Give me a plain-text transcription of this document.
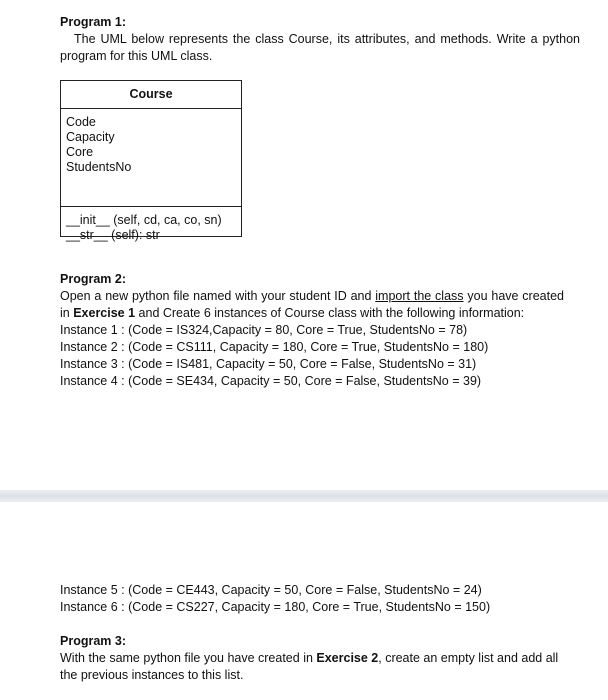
Program 1:
The UML below represents the class Course, its attributes, and methods. Write a python program for this UML class.
Course
Code
Capacity
Core
StudentsNo
__init__ (self, cd, ca, co, sn)
__str__ (self): str
Program 2:
Open a new python file named with your student ID and import the class you have created in Exercise 1 and Create 6 instances of Course class with the following information:
Instance 1 : (Code = IS324,Capacity = 80, Core = True, StudentsNo = 78)
Instance 2 : (Code = CS111, Capacity = 180, Core = True, StudentsNo = 180)
Instance 3 : (Code = IS481, Capacity = 50, Core = False, StudentsNo = 31)
Instance 4 : (Code = SE434, Capacity = 50, Core = False, StudentsNo = 39)
Instance 5 : (Code = CE443, Capacity = 50, Core = False, StudentsNo = 24)
Instance 6 : (Code = CS227, Capacity = 180, Core = True, StudentsNo = 150)
Program 3:
With the same python file you have created in Exercise 2, create an empty list and add all the previous instances to this list.
